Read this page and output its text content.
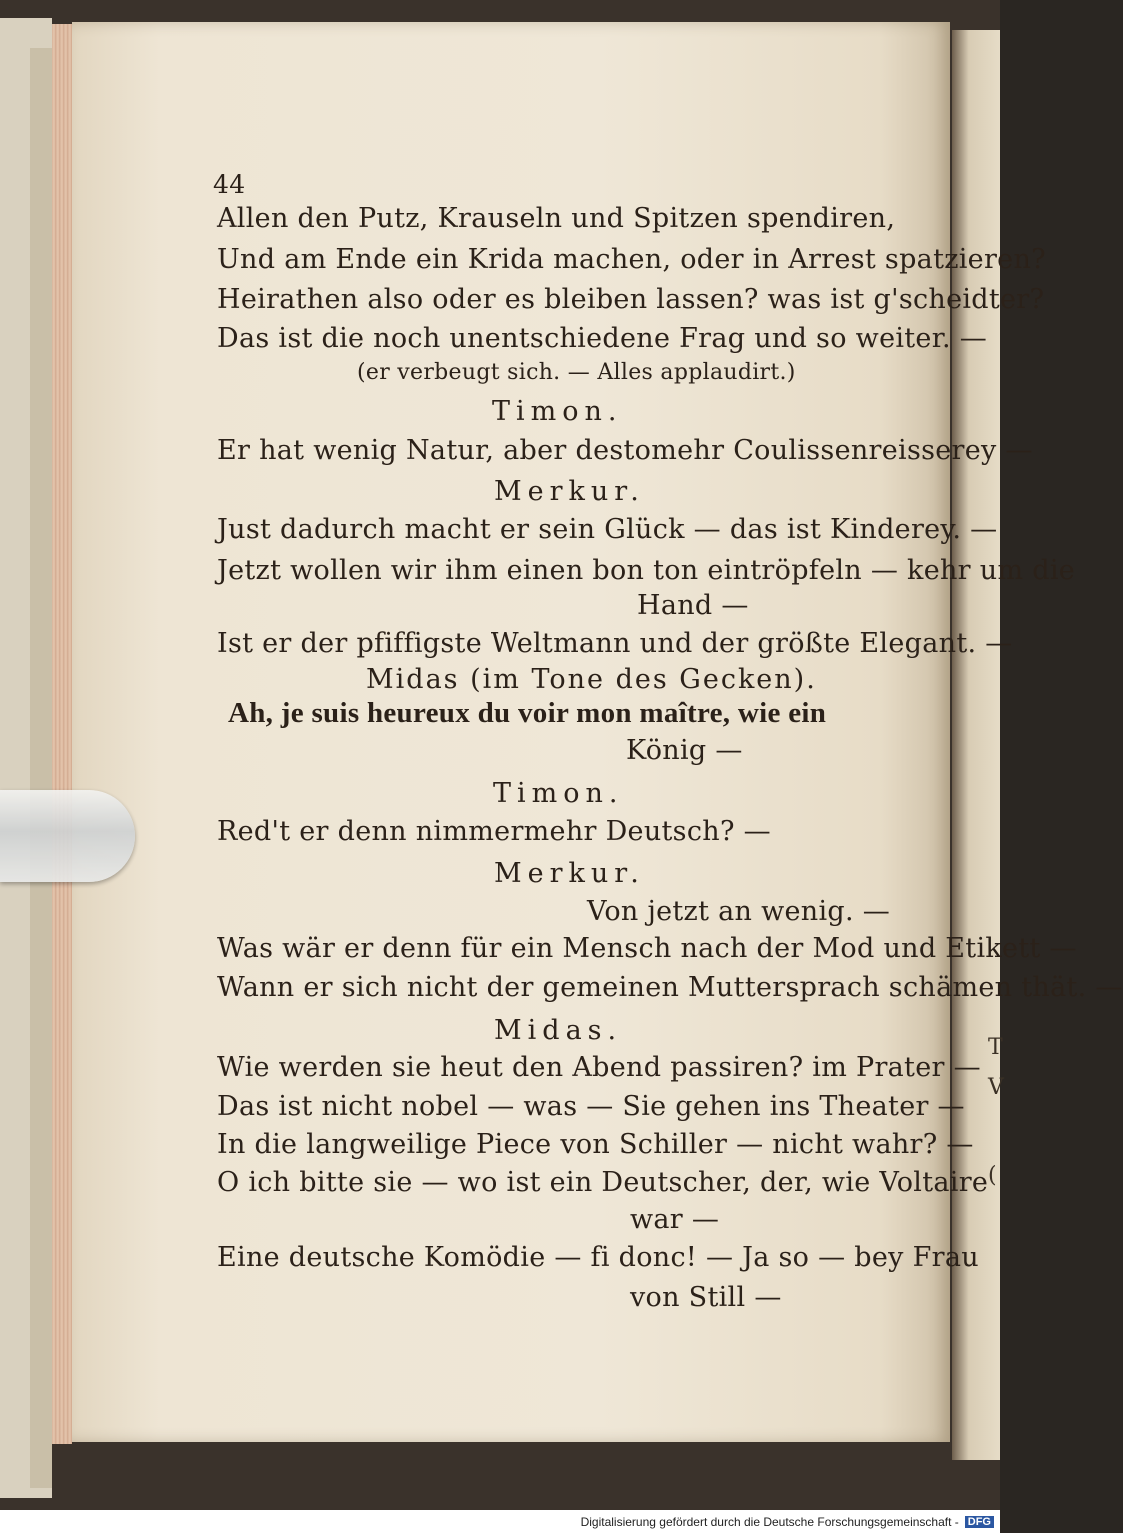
T
V
(
44
Allen den Putz, Krauseln und Spitzen spendiren,
Und am Ende ein Krida machen, oder in Arrest spatzieren?
Heirathen also oder es bleiben lassen? was ist g'scheidter?
Das ist die noch unentschiedene Frag und so weiter. —
(er verbeugt sich. — Alles applaudirt.)
Timon.
Er hat wenig Natur, aber destomehr Coulissenreisserey —
Merkur.
Just dadurch macht er sein Glück — das ist Kinderey. —
Jetzt wollen wir ihm einen bon ton eintröpfeln — kehr um die
Hand —
Ist er der pfiffigste Weltmann und der größte Elegant. —
Midas (im Tone des Gecken).
Ah, je suis heureux du voir mon maître, wie ein
König —
Timon.
Red't er denn nimmermehr Deutsch? —
Merkur.
Von jetzt an wenig. —
Was wär er denn für ein Mensch nach der Mod und Etikett —
Wann er sich nicht der gemeinen Muttersprach schämen thät. —
Midas.
Wie werden sie heut den Abend passiren? im Prater —
Das ist nicht nobel — was — Sie gehen ins Theater —
In die langweilige Piece von Schiller — nicht wahr? —
O ich bitte sie — wo ist ein Deutscher, der, wie Voltaire
war —
Eine deutsche Komödie — fi donc! — Ja so — bey Frau
von Still —
Digitalisierung gefördert durch die Deutsche Forschungsgemeinschaft - DFG
